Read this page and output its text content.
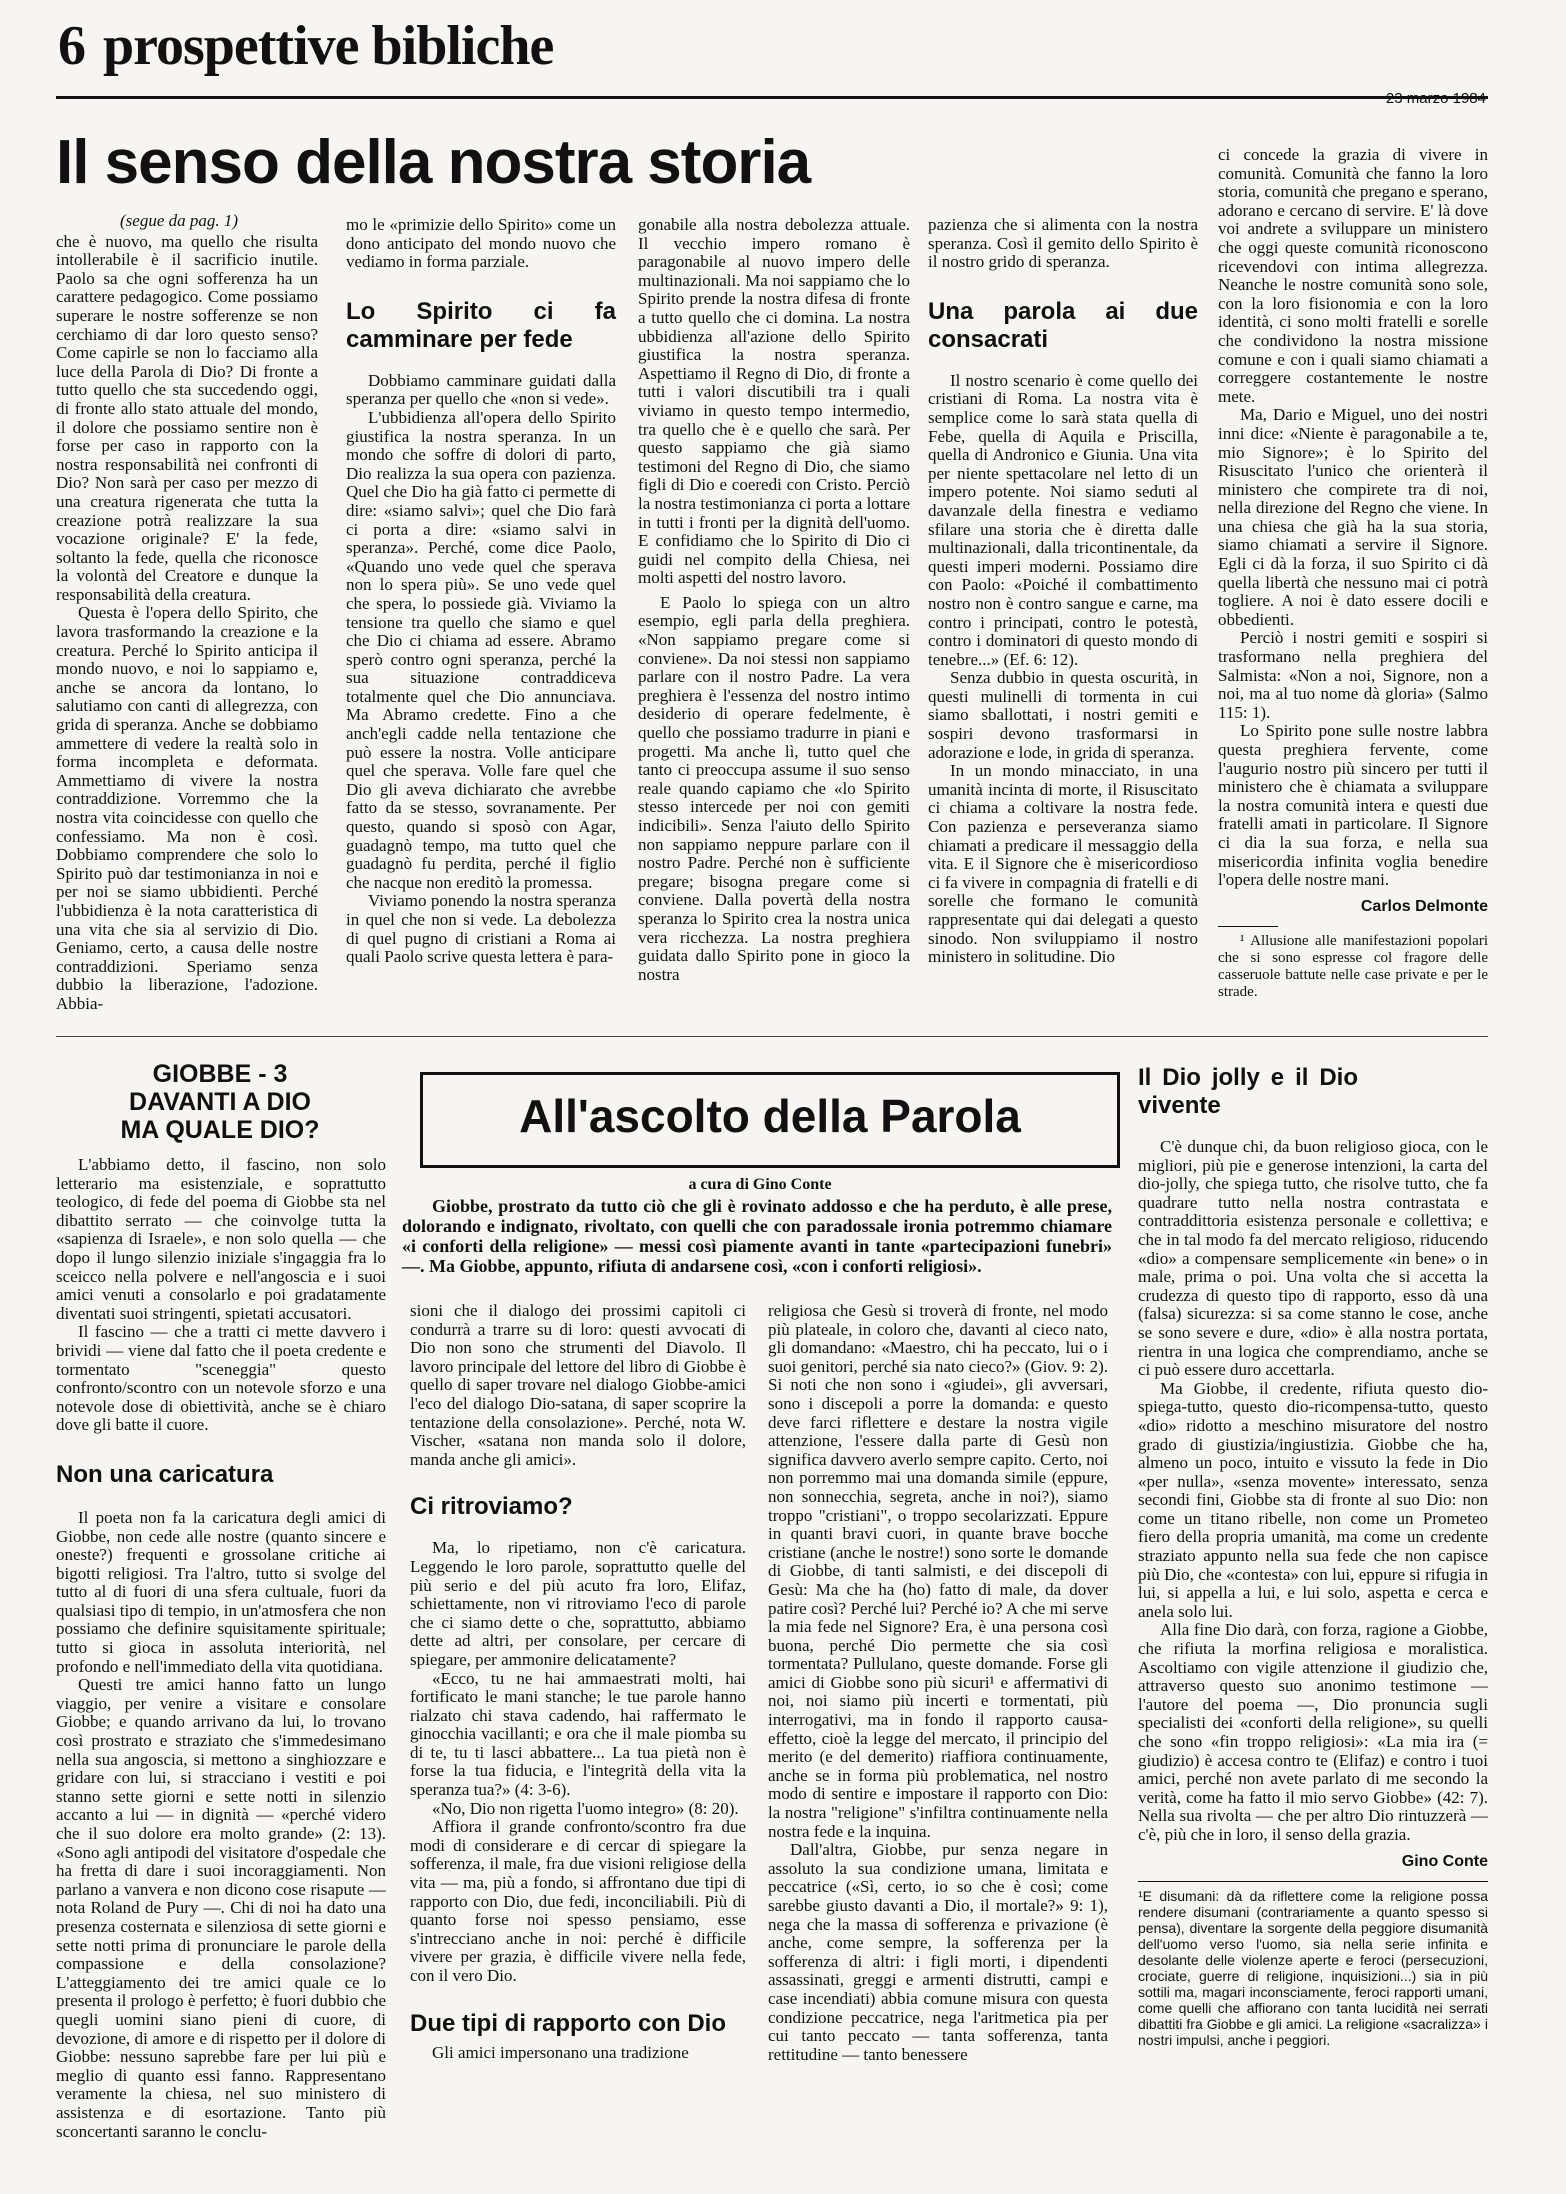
6 prospettive bibliche
Il senso della nostra storia

(segue da pag. 1)

che è nuovo, ma quello che risulta intollerabile è il sacrificio inutile. Paolo sa che ogni sofferenza ha un carattere pedagogico. Come possiamo superare le nostre sofferenze se non cerchiamo di dar loro questo senso? Come capirle se non lo facciamo alla luce della Parola di Dio? Di fronte a tutto quello che sta succedendo oggi, di fronte allo stato attuale del mondo, il dolore che possiamo sentire non è forse per caso in rapporto con la nostra responsabilità nei confronti di Dio? Non sarà per caso per mezzo di una creatura rigenerata che tutta la creazione potrà realizzare la sua vocazione originale? E' la fede, soltanto la fede, quella che riconosce la volontà del Creatore e dunque la responsabilità della creatura.

Questa è l'opera dello Spirito, che lavora trasformando la creazione e la creatura. Perché lo Spirito anticipa il mondo nuovo, e noi lo sappiamo e, anche se ancora da lontano, lo salutiamo con canti di allegrezza, con grida di speranza. Anche se dobbiamo ammettere di vedere la realtà solo in forma incompleta e deformata. Ammettiamo di vivere la nostra contraddizione. Vorremmo che la nostra vita coincidesse con quello che confessiamo. Ma non è così. Dobbiamo comprendere che solo lo Spirito può dar testimonianza in noi e per noi se siamo ubbidienti. Perché l'ubbidienza è la nota caratteristica di una vita che sia al servizio di Dio. Geniamo, certo, a causa delle nostre contraddizioni. Speriamo senza dubbio la liberazione, l'adozione. Abbia-

mo le «primizie dello Spirito» come un dono anticipato del mondo nuovo che vediamo in forma parziale.

Lo Spirito ci fa camminare per fede

Dobbiamo camminare guidati dalla speranza per quello che «non si vede».

L'ubbidienza all'opera dello Spirito giustifica la nostra speranza. In un mondo che soffre di dolori di parto, Dio realizza la sua opera con pazienza. Quel che Dio ha già fatto ci permette di dire: «siamo salvi»; quel che Dio farà ci porta a dire: «siamo salvi in speranza». Perché, come dice Paolo, «Quando uno vede quel che sperava non lo spera più». Se uno vede quel che spera, lo possiede già. Viviamo la tensione tra quello che siamo e quel che Dio ci chiama ad essere. Abramo sperò contro ogni speranza, perché la sua situazione contraddiceva totalmente quel che Dio annunciava. Ma Abramo credette. Fino a che anch'egli cadde nella tentazione che può essere la nostra. Volle anticipare quel che sperava. Volle fare quel che Dio gli aveva dichiarato che avrebbe fatto da se stesso, sovranamente. Per questo, quando si sposò con Agar, guadagnò tempo, ma tutto quel che guadagnò fu perdita, perché il figlio che nacque non ereditò la promessa.

Viviamo ponendo la nostra speranza in quel che non si vede. La debolezza di quel pugno di cristiani a Roma ai quali Paolo scrive questa lettera è para-

gonabile alla nostra debolezza attuale. Il vecchio impero romano è paragonabile al nuovo impero delle multinazionali. Ma noi sappiamo che lo Spirito prende la nostra difesa di fronte a tutto quello che ci domina. La nostra ubbidienza all'azione dello Spirito giustifica la nostra speranza. Aspettiamo il Regno di Dio, di fronte a tutti i valori discutibili tra i quali viviamo in questo tempo intermedio, tra quello che è e quello che sarà. Per questo sappiamo che già siamo testimoni del Regno di Dio, che siamo figli di Dio e coeredi con Cristo. Perciò la nostra testimonianza ci porta a lottare in tutti i fronti per la dignità dell'uomo. E confidiamo che lo Spirito di Dio ci guidi nel compito della Chiesa, nei molti aspetti del nostro lavoro.

E Paolo lo spiega con un altro esempio, egli parla della preghiera. «Non sappiamo pregare come si conviene». Da noi stessi non sappiamo parlare con il nostro Padre. La vera preghiera è l'essenza del nostro intimo desiderio di operare fedelmente, è quello che possiamo tradurre in piani e progetti. Ma anche lì, tutto quel che tanto ci preoccupa assume il suo senso reale quando capiamo che «lo Spirito stesso intercede per noi con gemiti indicibili». Senza l'aiuto dello Spirito non sappiamo neppure parlare con il nostro Padre. Perché non è sufficiente pregare; bisogna pregare come si conviene. Dalla povertà della nostra speranza lo Spirito crea la nostra unica vera ricchezza. La nostra preghiera guidata dallo Spirito pone in gioco la nostra

pazienza che si alimenta con la nostra speranza. Così il gemito dello Spirito è il nostro grido di speranza.

Una parola ai due consacrati

Il nostro scenario è come quello dei cristiani di Roma. La nostra vita è semplice come lo sarà stata quella di Febe, quella di Aquila e Priscilla, quella di Andronico e Giunia. Una vita per niente spettacolare nel letto di un impero potente. Noi siamo seduti al davanzale della finestra e vediamo sfilare una storia che è diretta dalle multinazionali, dalla tricontinentale, da questi imperi moderni. Possiamo dire con Paolo: «Poiché il combattimento nostro non è contro sangue e carne, ma contro i principati, contro le potestà, contro i dominatori di questo mondo di tenebre...» (Ef. 6: 12).

Senza dubbio in questa oscurità, in questi mulinelli di tormenta in cui siamo sballottati, i nostri gemiti e sospiri devono trasformarsi in adorazione e lode, in grida di speranza.

In un mondo minacciato, in una umanità incinta di morte, il Risuscitato ci chiama a coltivare la nostra fede. Con pazienza e perseveranza siamo chiamati a predicare il messaggio della vita. E il Signore che è misericordioso ci fa vivere in compagnia di fratelli e di sorelle che formano le comunità rappresentate qui dai delegati a questo sinodo. Non sviluppiamo il nostro ministero in solitudine. Dio

ci concede la grazia di vivere in comunità. Comunità che fanno la loro storia, comunità che pregano e sperano, adorano e cercano di servire. E' là dove voi andrete a sviluppare un ministero che oggi queste comunità riconoscono ricevendovi con intima allegrezza. Neanche le nostre comunità sono sole, con la loro fisionomia e con la loro identità, ci sono molti fratelli e sorelle che condividono la nostra missione comune e con i quali siamo chiamati a correggere costantemente le nostre mete.

Ma, Dario e Miguel, uno dei nostri inni dice: «Niente è paragonabile a te, mio Signore»; è lo Spirito del Risuscitato l'unico che orienterà il ministero che compirete tra di noi, nella direzione del Regno che viene. In una chiesa che già ha la sua storia, siamo chiamati a servire il Signore. Egli ci dà la forza, il suo Spirito ci dà quella libertà che nessuno mai ci potrà togliere. A noi è dato essere docili e obbedienti.

Perciò i nostri gemiti e sospiri si trasformano nella preghiera del Salmista: «Non a noi, Signore, non a noi, ma al tuo nome dà gloria» (Salmo 115: 1).

Lo Spirito pone sulle nostre labbra questa preghiera fervente, come l'augurio nostro più sincero per tutti il ministero che è chiamata a sviluppare la nostra comunità intera e questi due fratelli amati in particolare. Il Signore ci dia la sua forza, e nella sua misericordia infinita voglia benedire l'opera delle nostre mani.

Carlos Delmonte
¹ Allusione alle manifestazioni popolari che si sono espresse col fragore delle casseruole battute nelle case private e per le strade.
GIOBBE - 3
DAVANTI A DIO
MA QUALE DIO?	All'ascolto della Parola
a cura di Gino Conte
Giobbe, prostrato da tutto ciò che gli è rovinato addosso e che ha perduto, è alle prese, dolorando e indignato, rivoltato, con quelli che con paradossale ironia potremmo chiamare «i conforti della religione» — messi così piamente avanti in tante «partecipazioni funebri» —. Ma Giobbe, appunto, rifiuta di andarsene così, «con i conforti religiosi».

L'abbiamo detto, il fascino, non solo letterario ma esistenziale, e soprattutto teologico, di fede del poema di Giobbe sta nel dibattito serrato — che coinvolge tutta la «sapienza di Israele», e non solo quella — che dopo il lungo silenzio iniziale s'ingaggia fra lo sceicco nella polvere e nell'angoscia e i suoi amici venuti a consolarlo e poi gradatamente diventati suoi stringenti, spietati accusatori.

Il fascino — che a tratti ci mette davvero i brividi — viene dal fatto che il poeta credente e tormentato "sceneggia" questo confronto/scontro con un notevole sforzo e una notevole dose di obiettività, anche se è chiaro dove gli batte il cuore.

Non una caricatura

Il poeta non fa la caricatura degli amici di Giobbe, non cede alle nostre (quanto sincere e oneste?) frequenti e grossolane critiche ai bigotti religiosi. Tra l'altro, tutto si svolge del tutto al di fuori di una sfera cultuale, fuori da qualsiasi tipo di tempio, in un'atmosfera che non possiamo che definire squisitamente spirituale; tutto si gioca in assoluta interiorità, nel profondo e nell'immediato della vita quotidiana.

Questi tre amici hanno fatto un lungo viaggio, per venire a visitare e consolare Giobbe; e quando arrivano da lui, lo trovano così prostrato e straziato che s'immedesimano nella sua angoscia, si mettono a singhiozzare e gridare con lui, si stracciano i vestiti e poi stanno sette giorni e sette notti in silenzio accanto a lui — in dignità — «perché videro che il suo dolore era molto grande» (2: 13). «Sono agli antipodi del visitatore d'ospedale che ha fretta di dare i suoi incoraggiamenti. Non parlano a vanvera e non dicono cose risapute — nota Roland de Pury —. Chi di noi ha dato una presenza costernata e silenziosa di sette giorni e sette notti prima di pronunciare le parole della compassione e della consolazione? L'atteggiamento dei tre amici quale ce lo presenta il prologo è perfetto; è fuori dubbio che quegli uomini siano pieni di cuore, di devozione, di amore e di rispetto per il dolore di Giobbe: nessuno saprebbe fare per lui più e meglio di quanto essi fanno. Rappresentano veramente la chiesa, nel suo ministero di assistenza e di esortazione. Tanto più sconcertanti saranno le conclu-

sioni che il dialogo dei prossimi capitoli ci condurrà a trarre su di loro: questi avvocati di Dio non sono che strumenti del Diavolo. Il lavoro principale del lettore del libro di Giobbe è quello di saper trovare nel dialogo Giobbe-amici l'eco del dialogo Dio-satana, di saper scoprire la tentazione della consolazione». Perché, nota W. Vischer, «satana non manda solo il dolore, manda anche gli amici».

Ci ritroviamo?

Ma, lo ripetiamo, non c'è caricatura. Leggendo le loro parole, soprattutto quelle del più serio e del più acuto fra loro, Elifaz, schiettamente, non vi ritroviamo l'eco di parole che ci siamo dette o che, soprattutto, abbiamo dette ad altri, per consolare, per cercare di spiegare, per ammonire delicatamente?

«Ecco, tu ne hai ammaestrati molti, hai fortificato le mani stanche; le tue parole hanno rialzato chi stava cadendo, hai raffermato le ginocchia vacillanti; e ora che il male piomba su di te, tu ti lasci abbattere... La tua pietà non è forse la tua fiducia, e l'integrità della vita la speranza tua?» (4: 3-6).

«No, Dio non rigetta l'uomo integro» (8: 20).

Affiora il grande confronto/scontro fra due modi di considerare e di cercar di spiegare la sofferenza, il male, fra due visioni religiose della vita — ma, più a fondo, si affrontano due tipi di rapporto con Dio, due fedi, inconciliabili. Più di quanto forse noi spesso pensiamo, esse s'intrecciano anche in noi: perché è difficile vivere per grazia, è difficile vivere nella fede, con il vero Dio.

Due tipi di rapporto con Dio

Gli amici impersonano una tradizione

religiosa che Gesù si troverà di fronte, nel modo più plateale, in coloro che, davanti al cieco nato, gli domandano: «Maestro, chi ha peccato, lui o i suoi genitori, perché sia nato cieco?» (Giov. 9: 2). Si noti che non sono i «giudei», gli avversari, sono i discepoli a porre la domanda: e questo deve farci riflettere e destare la nostra vigile attenzione, l'essere dalla parte di Gesù non significa davvero averlo sempre capito. Certo, noi non porremmo mai una domanda simile (eppure, non sonnecchia, segreta, anche in noi?), siamo troppo "cristiani", o troppo secolarizzati. Eppure in quanti bravi cuori, in quante brave bocche cristiane (anche le nostre!) sono sorte le domande di Giobbe, di tanti salmisti, e dei discepoli di Gesù: Ma che ha (ho) fatto di male, da dover patire così? Perché lui? Perché io? A che mi serve la mia fede nel Signore? Era, è una persona così buona, perché Dio permette che sia così tormentata? Pullulano, queste domande. Forse gli amici di Giobbe sono più sicuri¹ e affermativi di noi, noi siamo più incerti e tormentati, più interrogativi, ma in fondo il rapporto causa-effetto, cioè la legge del mercato, il principio del merito (e del demerito) riaffiora continuamente, anche se in forma più problematica, nel nostro modo di sentire e impostare il rapporto con Dio: la nostra "religione" s'infiltra continuamente nella nostra fede e la inquina.

Dall'altra, Giobbe, pur senza negare in assoluto la sua condizione umana, limitata e peccatrice («Sì, certo, io so che è così; come sarebbe giusto davanti a Dio, il mortale?» 9: 1), nega che la massa di sofferenza e privazione (è anche, come sempre, la sofferenza per la sofferenza di altri: i figli morti, i dipendenti assassinati, greggi e armenti distrutti, campi e case incendiati) abbia comune misura con questa condizione peccatrice, nega l'aritmetica pia per cui tanto peccato — tanta sofferenza, tanta rettitudine — tanto benessere

Il Dio jolly e il Dio vivente

C'è dunque chi, da buon religioso gioca, con le migliori, più pie e generose intenzioni, la carta del dio-jolly, che spiega tutto, che risolve tutto, che fa quadrare tutto nella nostra contrastata e contraddittoria esistenza personale e collettiva; e che in tal modo fa del mercato religioso, riducendo «dio» a compensare semplicemente «in bene» o in male, prima o poi. Una volta che si accetta la crudezza di questo tipo di rapporto, esso dà una (falsa) sicurezza: si sa come stanno le cose, anche se sono severe e dure, «dio» è alla nostra portata, rientra in una logica che comprendiamo, anche se ci può essere duro accettarla.

Ma Giobbe, il credente, rifiuta questo dio-spiega-tutto, questo dio-ricompensa-tutto, questo «dio» ridotto a meschino misuratore del nostro grado di giustizia/ingiustizia. Giobbe che ha, almeno un poco, intuito e vissuto la fede in Dio «per nulla», «senza movente» interessato, senza secondi fini, Giobbe sta di fronte al suo Dio: non come un titano ribelle, non come un Prometeo fiero della propria umanità, ma come un credente straziato appunto nella sua fede che non capisce più Dio, che «contesta» con lui, eppure si rifugia in lui, si appella a lui, e lui solo, aspetta e cerca e anela solo lui.

Alla fine Dio darà, con forza, ragione a Giobbe, che rifiuta la morfina religiosa e moralistica. Ascoltiamo con vigile attenzione il giudizio che, attraverso questo suo anonimo testimone — l'autore del poema —, Dio pronuncia sugli specialisti dei «conforti della religione», su quelli che sono «fin troppo religiosi»: «La mia ira (= giudizio) è accesa contro te (Elifaz) e contro i tuoi amici, perché non avete parlato di me secondo la verità, come ha fatto il mio servo Giobbe» (42: 7). Nella sua rivolta — che per altro Dio rintuzzerà — c'è, più che in loro, il senso della grazia.

Gino Conte
¹E disumani: dà da riflettere come la religione possa rendere disumani (contrariamente a quanto spesso si pensa), diventare la sorgente della peggiore disumanità dell'uomo verso l'uomo, sia nella serie infinita e desolante delle violenze aperte e feroci (persecuzioni, crociate, guerre di religione, inquisizioni...) sia in più sottili ma, magari inconsciamente, feroci rapporti umani, come quelli che affiorano con tanta lucidità nei serrati dibattiti fra Giobbe e gli amici. La religione «sacralizza» i nostri impulsi, anche i peggiori.
